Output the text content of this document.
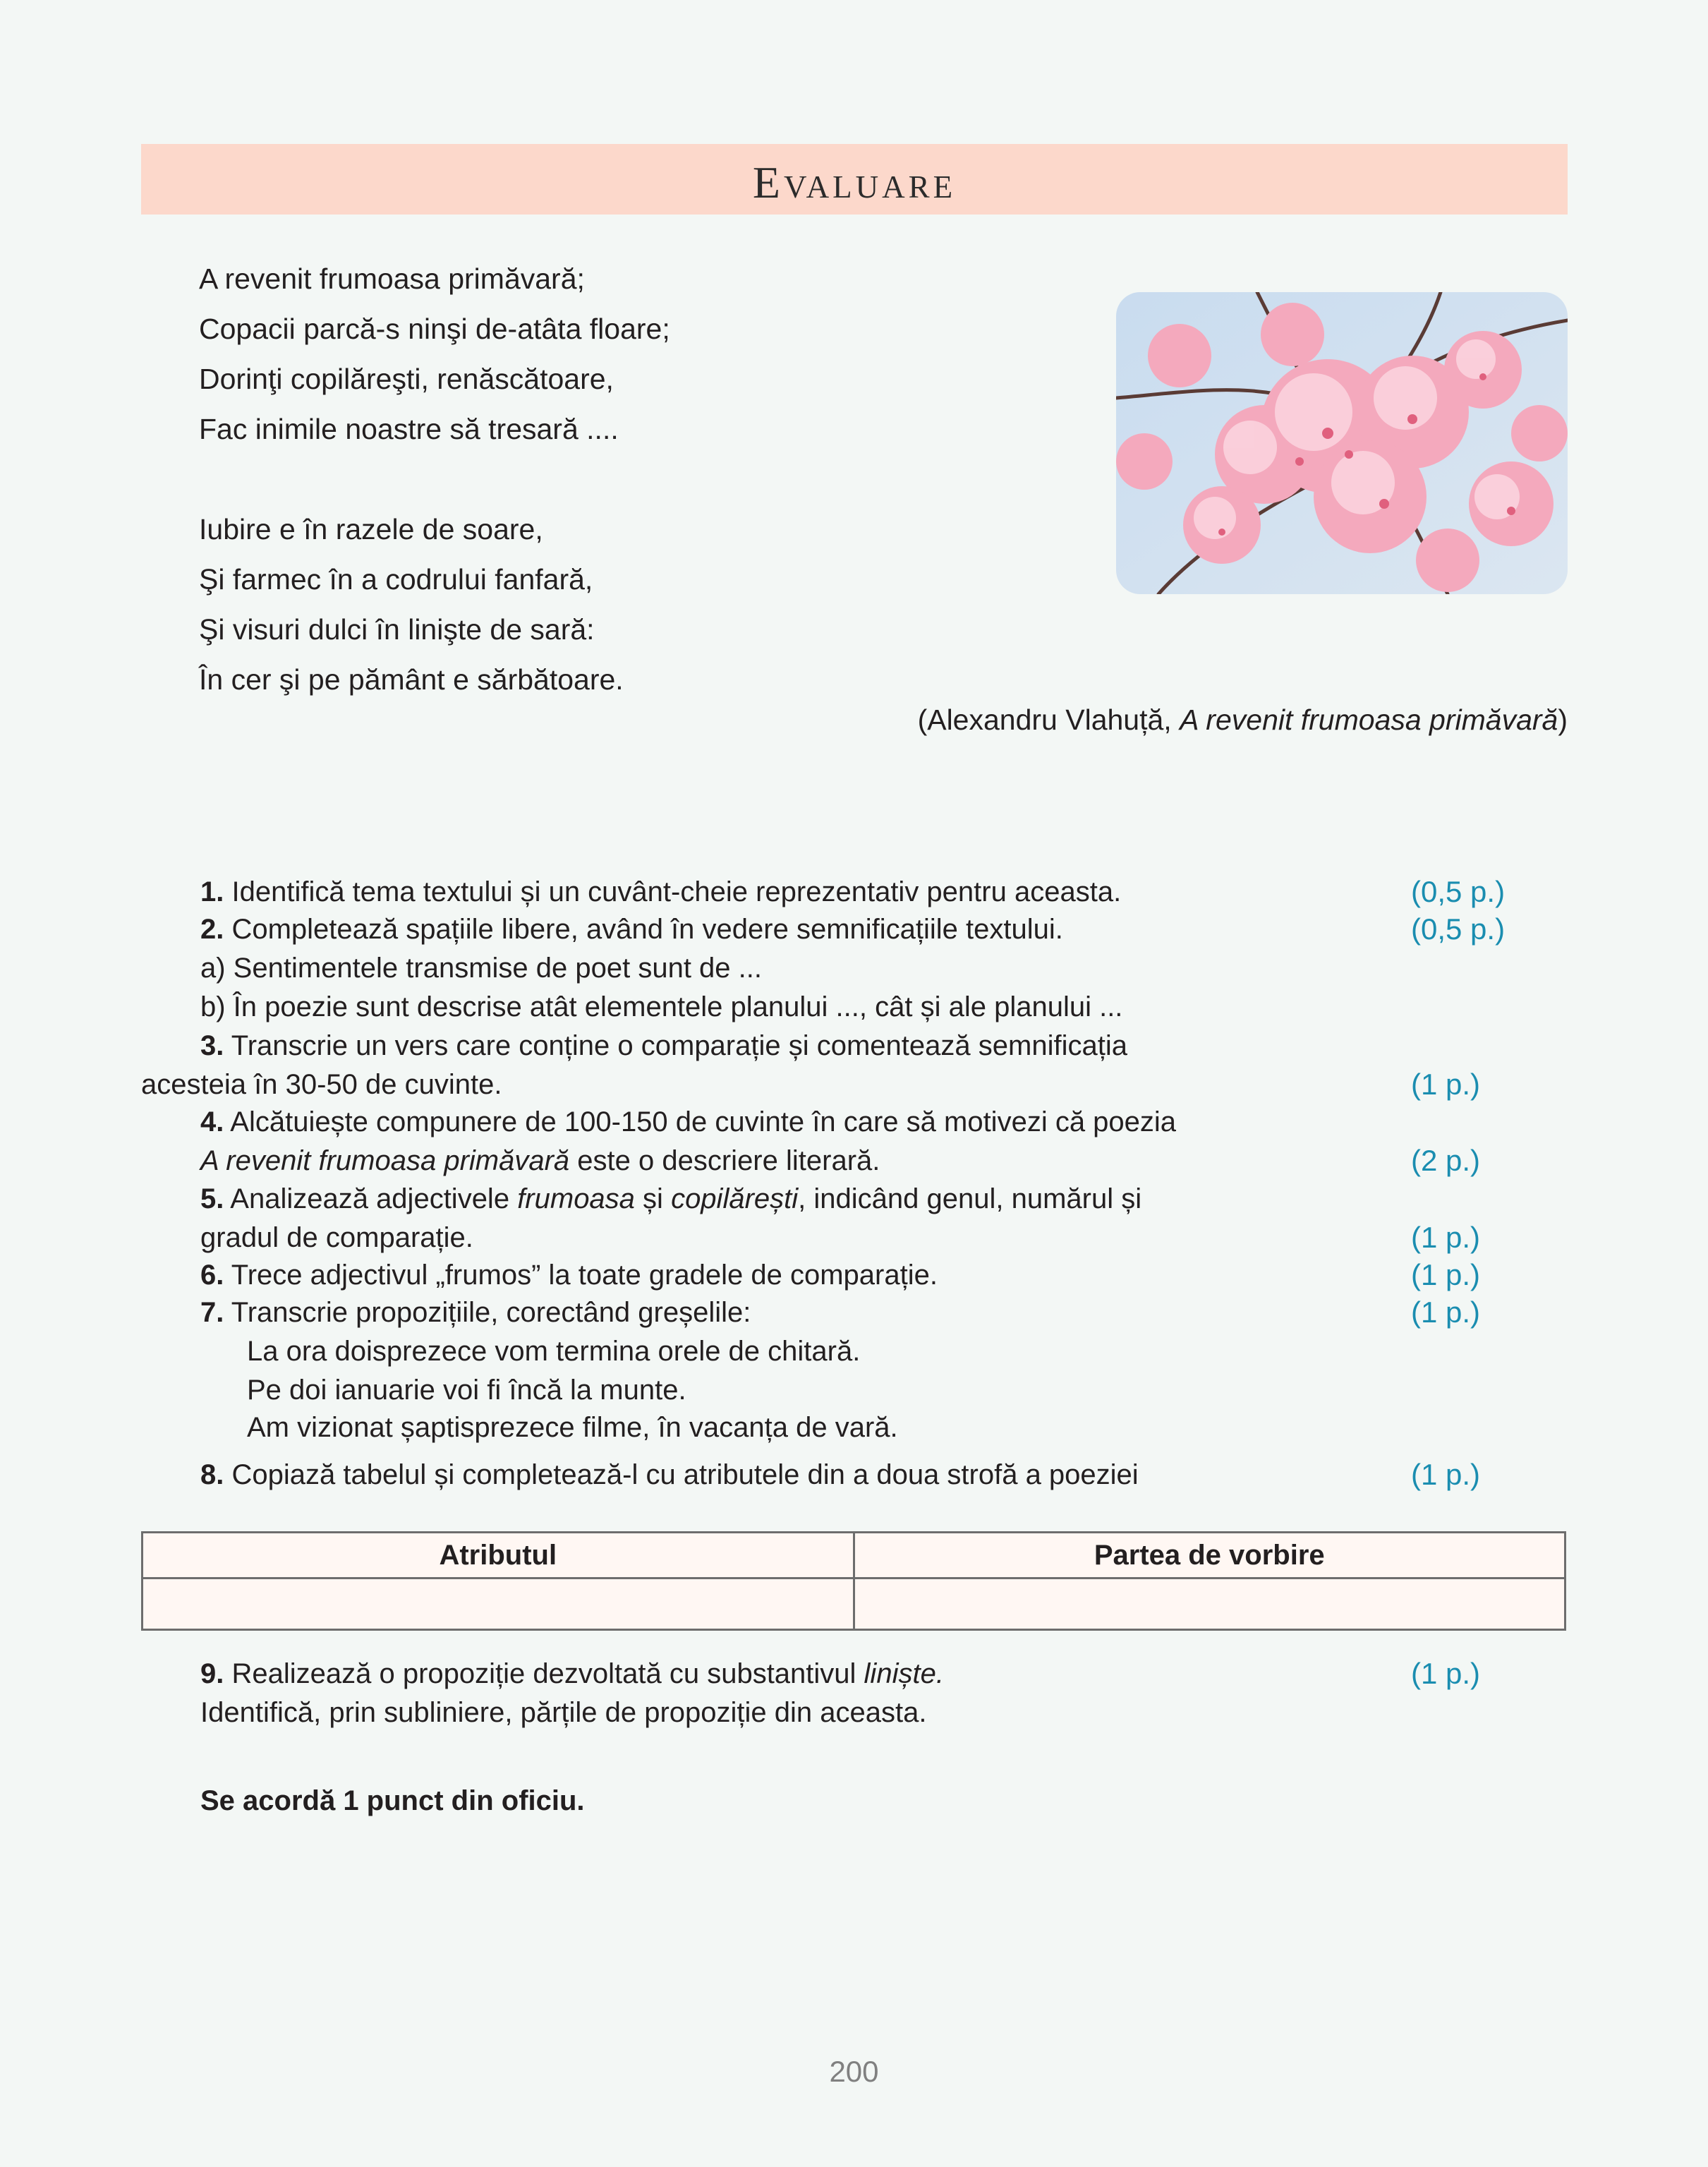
Evaluare
A revenit frumoasa primăvară;
Copacii parcă-s ninşi de-atâta floare;
Dorinţi copilăreşti, renăscătoare,
Fac inimile noastre să tresară ....
Iubire e în razele de soare,
Şi farmec în a codrului fanfară,
Şi visuri dulci în linişte de sară:
În cer şi pe pământ e sărbătoare.
(Alexandru Vlahuță, A revenit frumoasa primăvară)
1. Identifică tema textului și un cuvânt-cheie reprezentativ pentru aceasta.	(0,5 p.)
2. Completează spațiile libere, având în vedere semnificațiile textului.	(0,5 p.)
a) Sentimentele transmise de poet sunt de ...
b) În poezie sunt descrise atât elementele planului ..., cât și ale planului ...
3. Transcrie un vers care conține o comparație și comentează semnificația
acesteia în 30-50 de cuvinte.	(1 p.)
4. Alcătuiește compunere de 100-150 de cuvinte în care să motivezi că poezia
A revenit frumoasa primăvară este o descriere literară.	(2 p.)
5. Analizează adjectivele frumoasa și copilărești, indicând genul, numărul și
gradul de comparație.	(1 p.)
6. Trece adjectivul „frumos” la toate gradele de comparație.	(1 p.)
7. Transcrie propozițiile, corectând greșelile:	(1 p.)
La ora doisprezece vom termina orele de chitară.
Pe doi ianuarie voi fi încă la munte.
Am vizionat șaptisprezece filme, în vacanța de vară.
8. Copiază tabelul și completează-l cu atributele din a doua strofă a poeziei	(1 p.)
Atributul	Partea de vorbire

9. Realizează o propoziție dezvoltată cu substantivul liniște.	(1 p.)
Identifică, prin subliniere, părțile de propoziție din aceasta.
Se acordă 1 punct din oficiu.
200
